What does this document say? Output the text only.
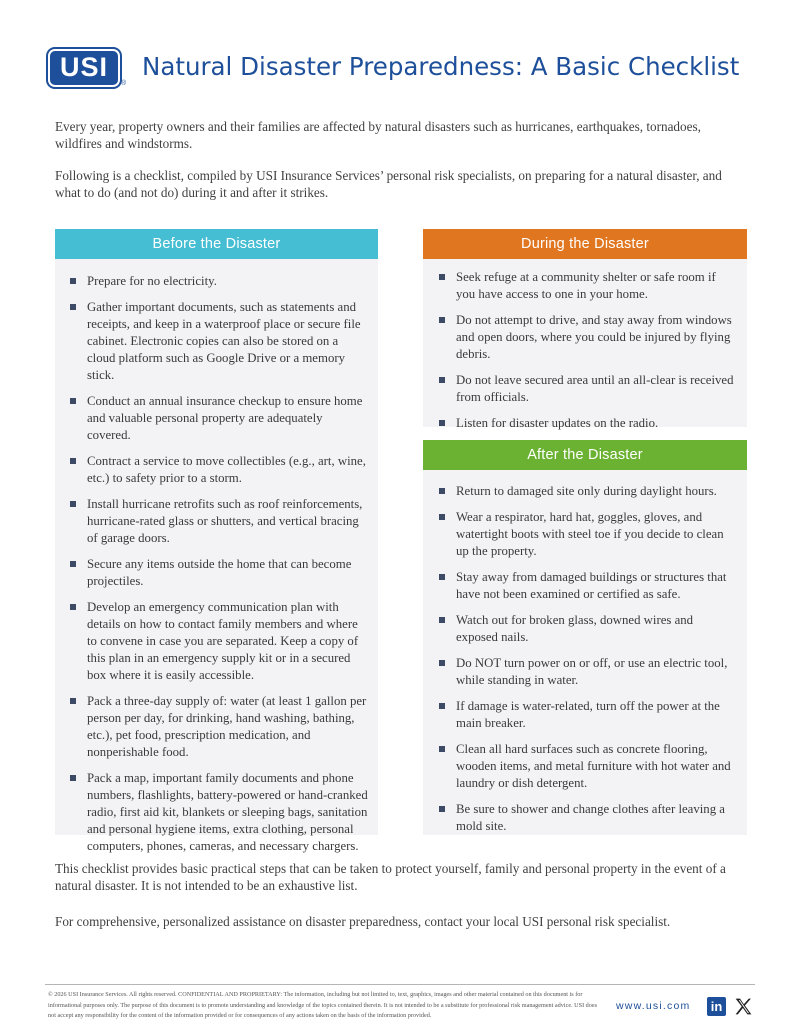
USI
®
Natural Disaster Preparedness: A Basic Checklist
Every year, property owners and their families are affected by natural disasters such as hurricanes, earthquakes, tornadoes, wildfires and windstorms.
Following is a checklist, compiled by USI Insurance Services’ personal risk specialists, on preparing for a natural disaster, and what to do (and not do) during it and after it strikes.
Before the Disaster
Prepare for no electricity.
Gather important documents, such as statements and receipts, and keep in a waterproof place or secure file cabinet. Electronic copies can also be stored on a cloud platform such as Google Drive or a memory stick.
Conduct an annual insurance checkup to ensure home and valuable personal property are adequately covered.
Contract a service to move collectibles (e.g., art, wine, etc.) to safety prior to a storm.
Install hurricane retrofits such as roof reinforcements, hurricane-rated glass or shutters, and vertical bracing of garage doors.
Secure any items outside the home that can become projectiles.
Develop an emergency communication plan with details on how to contact family members and where to convene in case you are separated. Keep a copy of this plan in an emergency supply kit or in a secured box where it is easily accessible.
Pack a three-day supply of: water (at least 1 gallon per person per day, for drinking, hand washing, bathing, etc.), pet food, prescription medication, and nonperishable food.
Pack a map, important family documents and phone numbers, flashlights, battery-powered or hand-cranked radio, first aid kit, blankets or sleeping bags, sanitation and personal hygiene items, extra clothing, personal computers, phones, cameras, and necessary chargers.
During the Disaster
Seek refuge at a community shelter or safe room if you have access to one in your home.
Do not attempt to drive, and stay away from windows and open doors, where you could be injured by flying debris.
Do not leave secured area until an all-clear is received from officials.
Listen for disaster updates on the radio.
After the Disaster
Return to damaged site only during daylight hours.
Wear a respirator, hard hat, goggles, gloves, and watertight boots with steel toe if you decide to clean up the property.
Stay away from damaged buildings or structures that have not been examined or certified as safe.
Watch out for broken glass, downed wires and exposed nails.
Do NOT turn power on or off, or use an electric tool, while standing in water.
If damage is water-related, turn off the power at the main breaker.
Clean all hard surfaces such as concrete flooring, wooden items, and metal furniture with hot water and laundry or dish detergent.
Be sure to shower and change clothes after leaving a mold site.
This checklist provides basic practical steps that can be taken to protect yourself, family and personal property in the event of a natural disaster. It is not intended to be an exhaustive list.
For comprehensive, personalized assistance on disaster preparedness, contact your local USI personal risk specialist.
© 2026 USI Insurance Services. All rights reserved. CONFIDENTIAL AND PROPRIETARY: The information, including but not limited to, text, graphics, images and other material contained on this document is for informational purposes only. The purpose of this document is to promote understanding and knowledge of the topics contained therein. It is not intended to be a substitute for professional risk management advice. USI does not accept any responsibility for the content of the information provided or for consequences of any actions taken on the basis of the information provided.
www.usi.com in
